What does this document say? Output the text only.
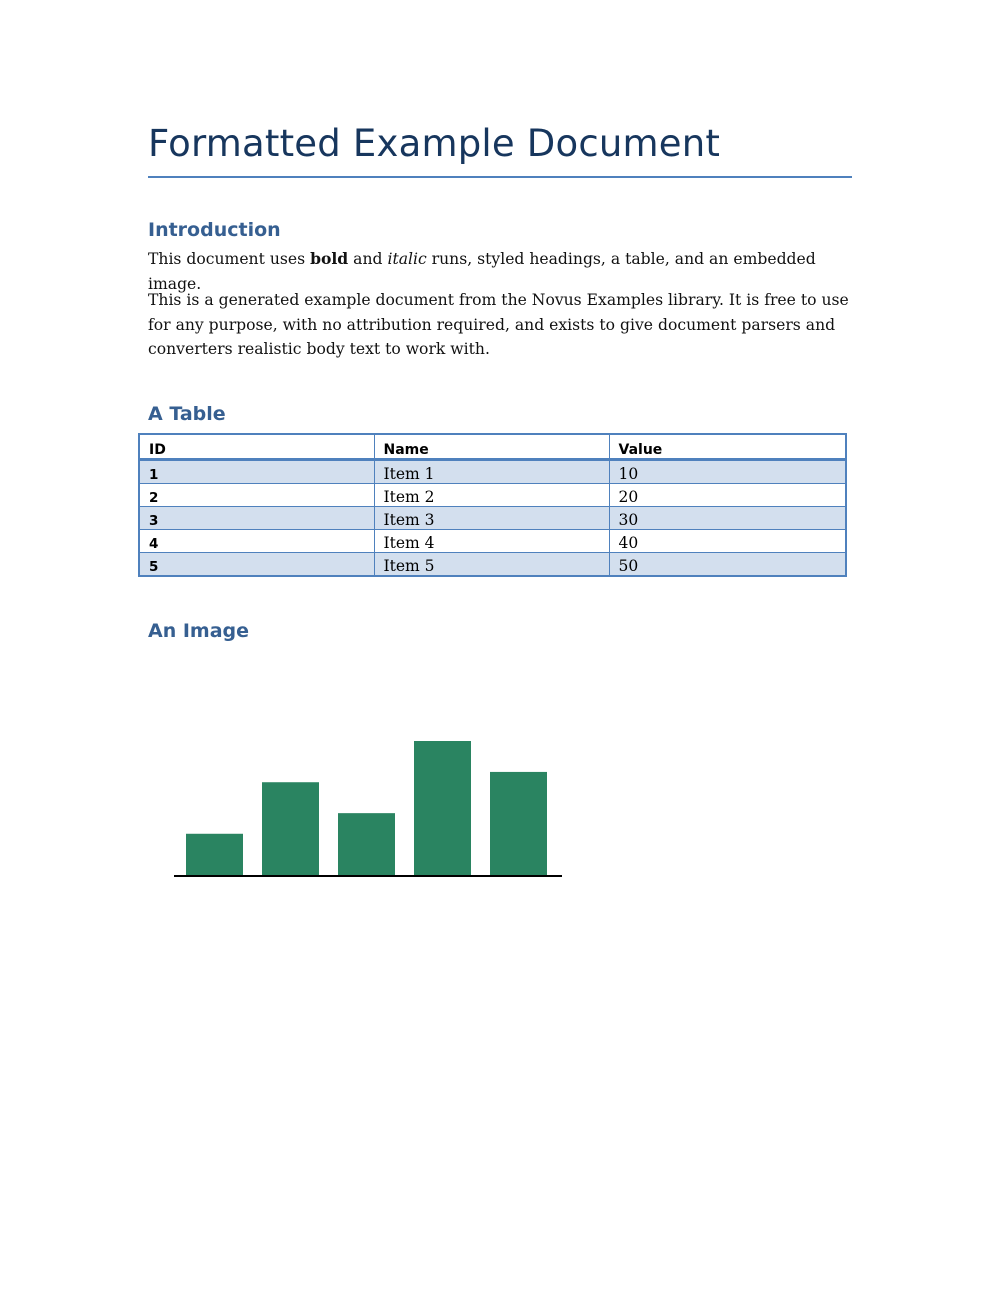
Formatted Example Document
Introduction

This document uses bold and italic runs, styled headings, a table, and an embedded image.

This is a generated example document from the Novus Examples library. It is free to use for any purpose, with no attribution required, and exists to give document parsers and converters realistic body text to work with.

A Table
ID	Name	Value
1	Item 1	10
2	Item 2	20
3	Item 3	30
4	Item 4	40
5	Item 5	50
An Image
